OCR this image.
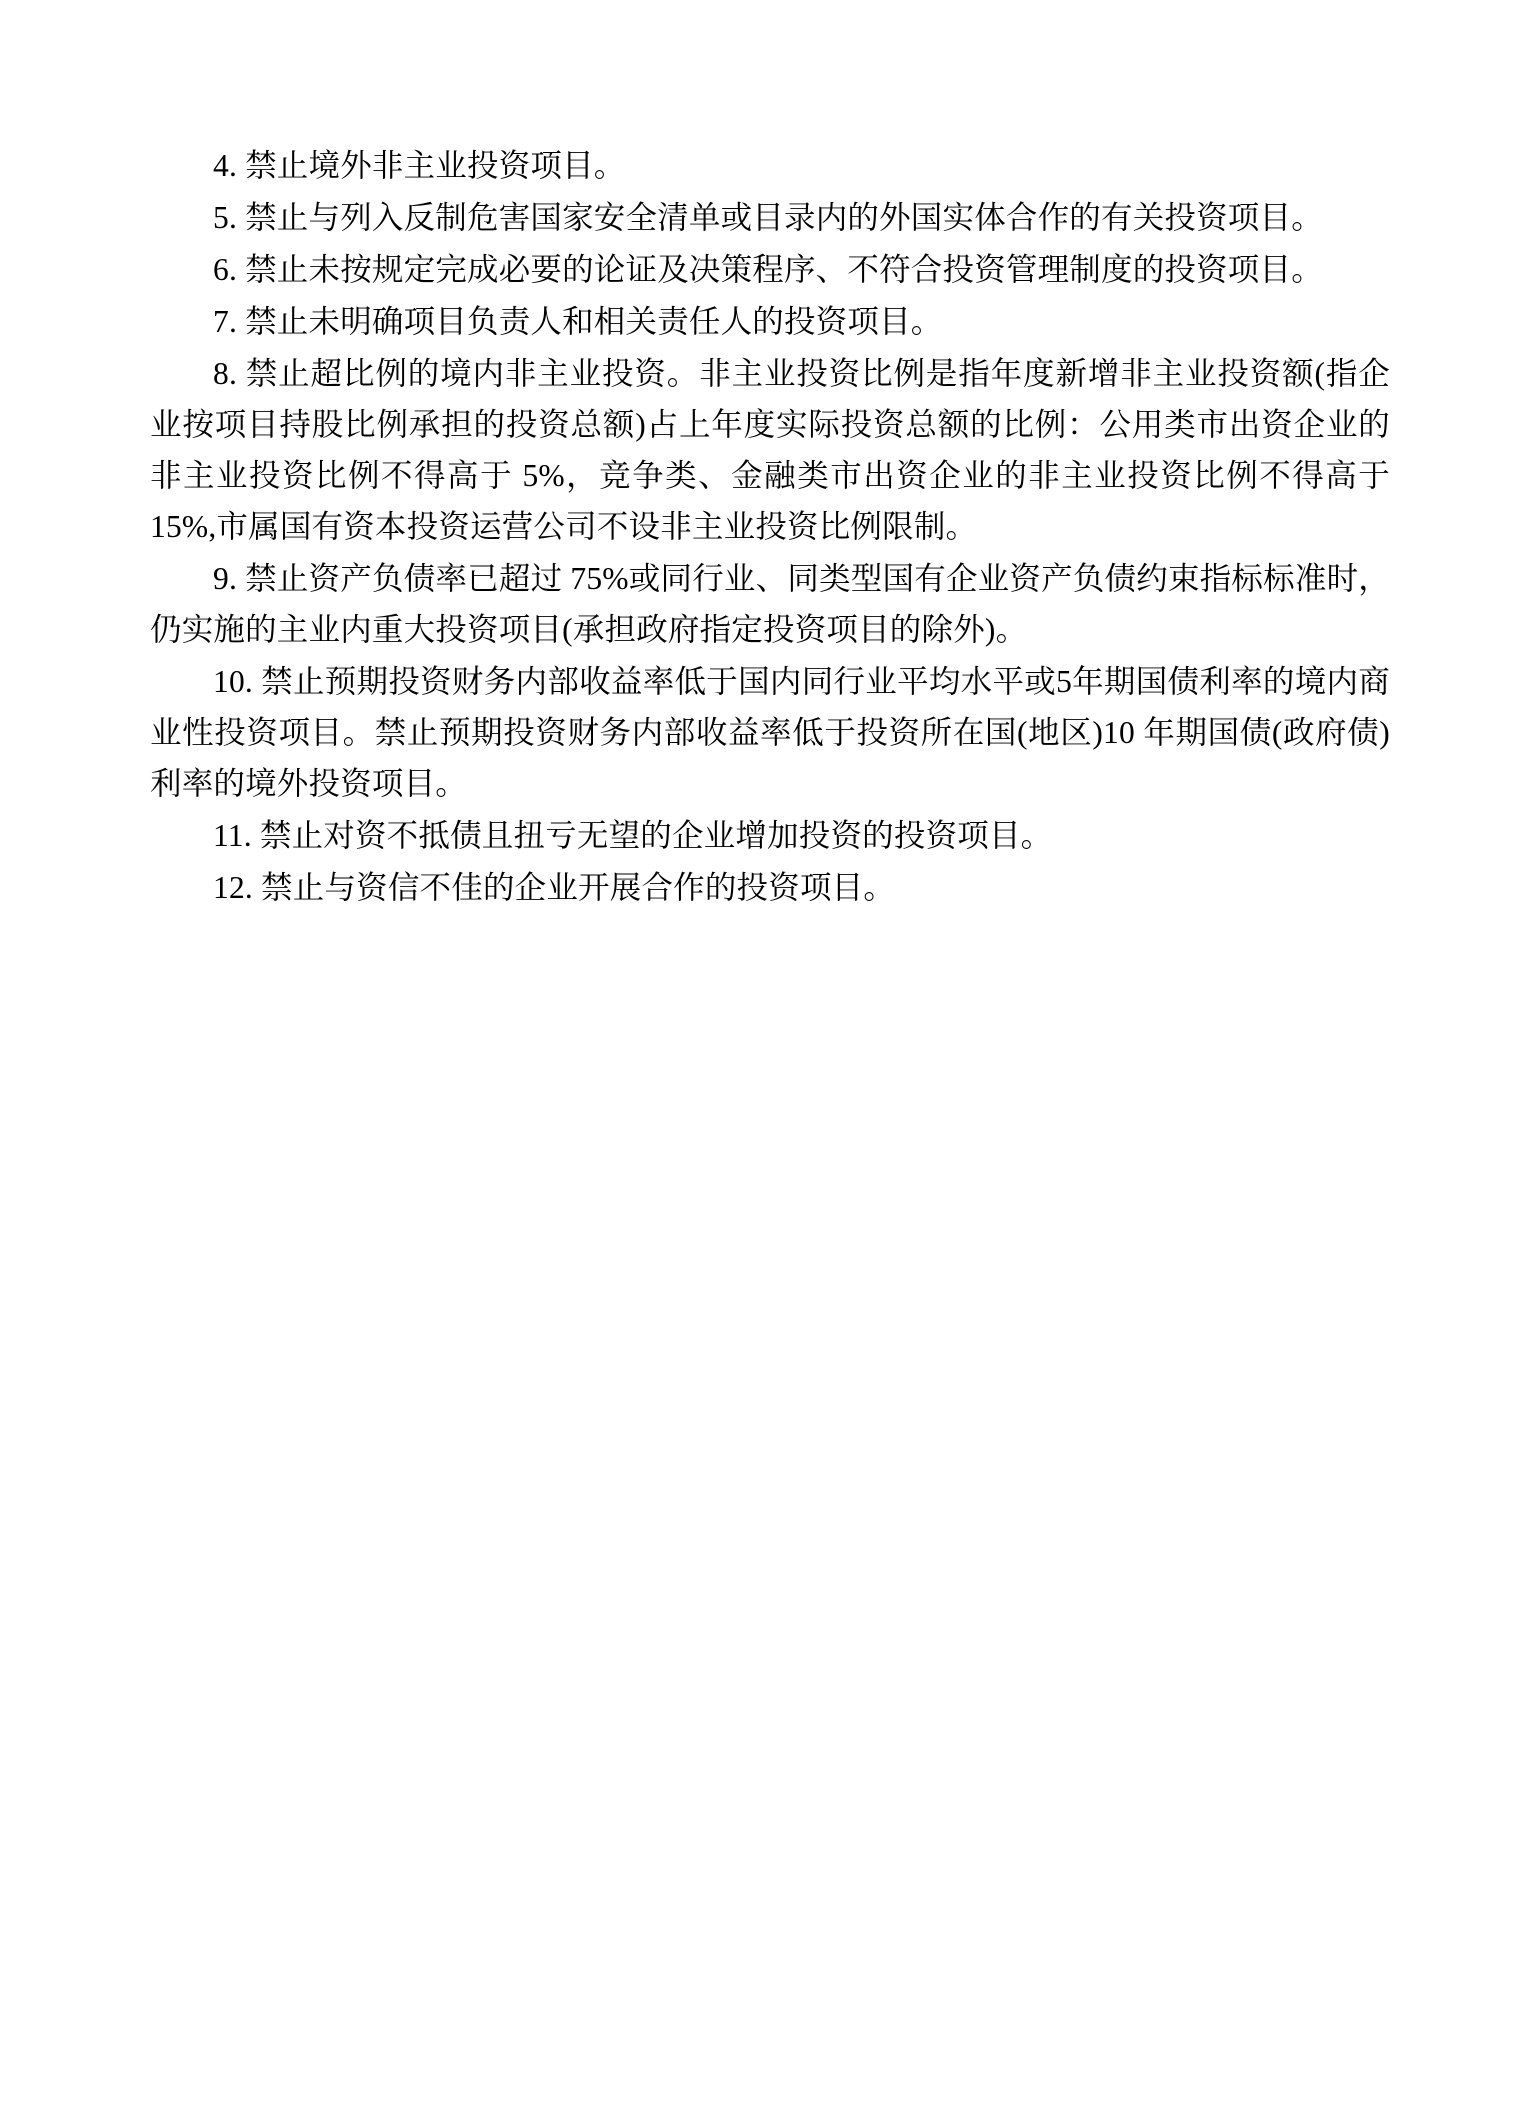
4. 禁止境外非主业投资项目。

5. 禁止与列入反制危害国家安全清单或目录内的外国实体合作的有关投资项目。

6. 禁止未按规定完成必要的论证及决策程序、不符合投资管理制度的投资项目。

7. 禁止未明确项目负责人和相关责任人的投资项目。

8. 禁止超比例的境内非主业投资。非主业投资比例是指年度新增非主业投资额(指企业按项目持股比例承担的投资总额)占上年度实际投资总额的比例：公用类市出资企业的非主业投资比例不得高于 5%，竞争类、金融类市出资企业的非主业投资比例不得高于 15%,市属国有资本投资运营公司不设非主业投资比例限制。

9. 禁止资产负债率已超过 75%或同行业、同类型国有企业资产负债约束指标标准时， 仍实施的主业内重大投资项目(承担政府指定投资项目的除外)。

10. 禁止预期投资财务内部收益率低于国内同行业平均水平或5年期国债利率的境内商业性投资项目。禁止预期投资财务内部收益率低于投资所在国(地区)10 年期国债(政府债)利率的境外投资项目。

11. 禁止对资不抵债且扭亏无望的企业增加投资的投资项目。

12. 禁止与资信不佳的企业开展合作的投资项目。
